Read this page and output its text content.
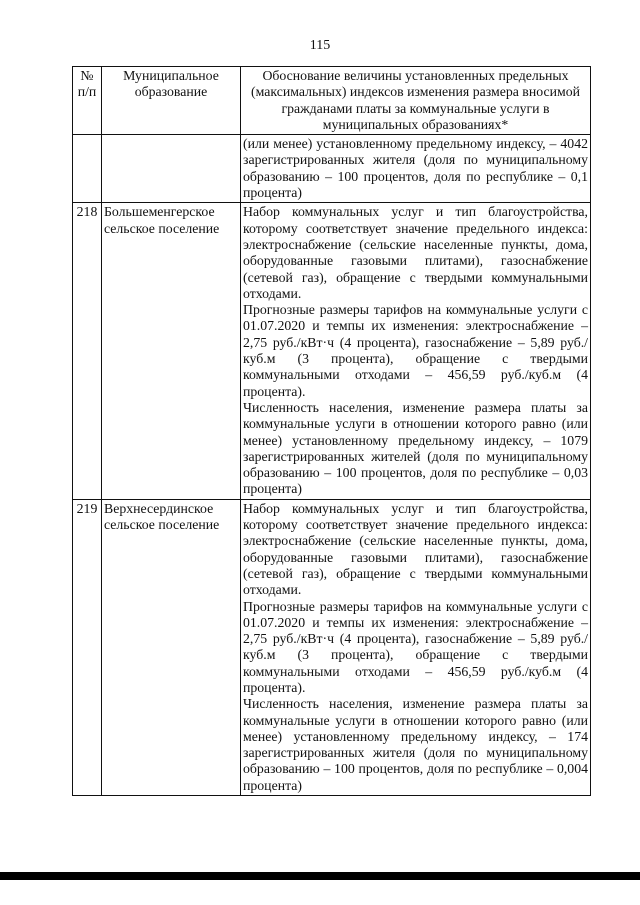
115
№ п/п	Муниципальное образование	Обоснование величины установленных предельных (максимальных) индексов изменения размера вносимой гражданами платы за коммунальные услуги в муниципальных образованиях*

		(или менее) установленному предельному индексу, – 4042 зарегистрированных жителя (доля по муниципальному образованию – 100 процентов, доля по республике – 0,1 процента)

218	Большеменгерское сельское поселение	Набор коммунальных услуг и тип благоустройства, которому соответствует значение предельного индекса: электроснабжение (сельские населенные пункты, дома, оборудованные газовыми плитами), газоснабжение (сетевой газ), обращение с твердыми коммунальными отходами.

Прогнозные размеры тарифов на коммунальные услуги с 01.07.2020 и темпы их изменения: электроснабжение – 2,75 руб./кВт·ч (4 процента), газоснабжение – 5,89 руб./куб.м (3 процента), обращение с твердыми коммунальными отходами – 456,59 руб./куб.м (4 процента).

Численность населения, изменение размера платы за коммунальные услуги в отношении которого равно (или менее) установленному предельному индексу, – 1079 зарегистрированных жителей (доля по муниципальному образованию – 100 процентов, доля по республике – 0,03 процента)

219	Верхнесердинское сельское поселение	Набор коммунальных услуг и тип благоустройства, которому соответствует значение предельного индекса: электроснабжение (сельские населенные пункты, дома, оборудованные газовыми плитами), газоснабжение (сетевой газ), обращение с твердыми коммунальными отходами.

Прогнозные размеры тарифов на коммунальные услуги с 01.07.2020 и темпы их изменения: электроснабжение – 2,75 руб./кВт·ч (4 процента), газоснабжение – 5,89 руб./куб.м (3 процента), обращение с твердыми коммунальными отходами – 456,59 руб./куб.м (4 процента).

Численность населения, изменение размера платы за коммунальные услуги в отношении которого равно (или менее) установленному предельному индексу, – 174 зарегистрированных жителя (доля по муниципальному образованию – 100 процентов, доля по республике – 0,004 процента)
